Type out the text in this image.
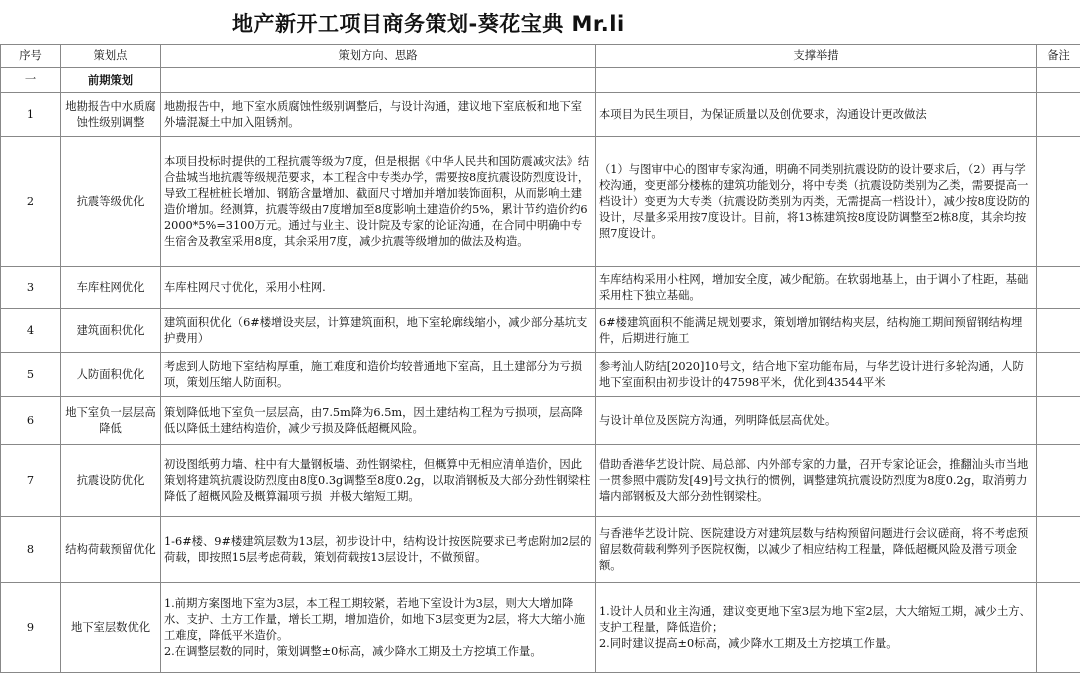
地产新开工项目商务策划-葵花宝典 Mr.li
序号	策划点	策划方向、思路	支撑举措	备注
一	前期策划			
1	地勘报告中水质腐蚀性级别调整	地勘报告中，地下室水质腐蚀性级别调整后，与设计沟通，建议地下室底板和地下室外墙混凝土中加入阻锈剂。	本项目为民生项目，为保证质量以及创优要求，沟通设计更改做法	

2	抗震等级优化	本项目投标时提供的工程抗震等级为7度，但是根据《中华人民共和国防震减灾法》结合盐城当地抗震等级规范要求，本工程含中专类办学，需要按8度抗震设防烈度设计，导致工程桩桩长增加、钢筋含量增加、截面尺寸增加并增加装饰面积，从而影响土建造价增加。经测算，抗震等级由7度增加至8度影响土建造价约5%，累计节约造价约62000*5%=3100万元。通过与业主、设计院及专家的论证沟通，在合同中明确中专生宿舍及教室采用8度，其余采用7度，减少抗震等级增加的做法及构造。	（1）与图审中心的图审专家沟通，明确不同类别抗震设防的设计要求后，（2）再与学校沟通，变更部分楼栋的建筑功能划分，将中专类（抗震设防类别为乙类，需要提高一档设计）变更为大专类（抗震设防类别为丙类，无需提高一档设计），减少按8度设防的设计，尽量多采用按7度设计。目前，将13栋建筑按8度设防调整至2栋8度，其余均按照7度设计。	

3	车库柱网优化	车库柱网尺寸优化，采用小柱网.	车库结构采用小柱网，增加安全度，减少配筋。在软弱地基上，由于调小了柱距，基础采用柱下独立基础。	

4	建筑面积优化	建筑面积优化（6#楼增设夹层，计算建筑面积，地下室轮廓线缩小，减少部分基坑支护费用）	6#楼建筑面积不能满足规划要求，策划增加钢结构夹层，结构施工期间预留钢结构埋件，后期进行施工	

5	人防面积优化	考虑到人防地下室结构厚重，施工难度和造价均较普通地下室高，且土建部分为亏损项，策划压缩人防面积。	参考汕人防结[2020]10号文，结合地下室功能布局，与华艺设计进行多轮沟通，人防地下室面积由初步设计的47598平米，优化到43544平米	

6	地下室负一层层高降低	策划降低地下室负一层层高，由7.5m降为6.5m，因土建结构工程为亏损项，层高降低以降低土建结构造价，减少亏损及降低超概风险。	与设计单位及医院方沟通，列明降低层高优处。	

7	抗震设防优化	初设图纸剪力墙、柱中有大量钢板墙、劲性钢梁柱，但概算中无相应清单造价，因此策划将建筑抗震设防烈度由8度0.3g调整至8度0.2g，以取消钢板及大部分劲性钢梁柱降低了超概风险及概算漏项亏损  并极大缩短工期。	借助香港华艺设计院、局总部、内外部专家的力量，召开专家论证会，推翻汕头市当地一贯参照中震防发[49]号文执行的惯例，调整建筑抗震设防烈度为8度0.2g，取消剪力墙内部钢板及大部分劲性钢梁柱。	

8	结构荷载预留优化	1-6#楼、9#楼建筑层数为13层，初步设计中，结构设计按医院要求已考虑附加2层的荷载，即按照15层考虑荷载，策划荷载按13层设计，不做预留。	与香港华艺设计院、医院建设方对建筑层数与结构预留问题进行会议磋商，将不考虑预留层数荷载利弊列予医院权衡，以减少了相应结构工程量，降低超概风险及潜亏项金额。	

9	地下室层数优化	1.前期方案图地下室为3层，本工程工期较紧，若地下室设计为3层，则大大增加降水、支护、土方工作量，增长工期，增加造价，如地下3层变更为2层，将大大缩小施工难度，降低平米造价。
2.在调整层数的同时，策划调整±0标高，减少降水工期及土方挖填工作量。	1.设计人员和业主沟通，建议变更地下室3层为地下室2层，大大缩短工期，减少土方、支护工程量，降低造价；
2.同时建议提高±0标高，减少降水工期及土方挖填工作量。	
